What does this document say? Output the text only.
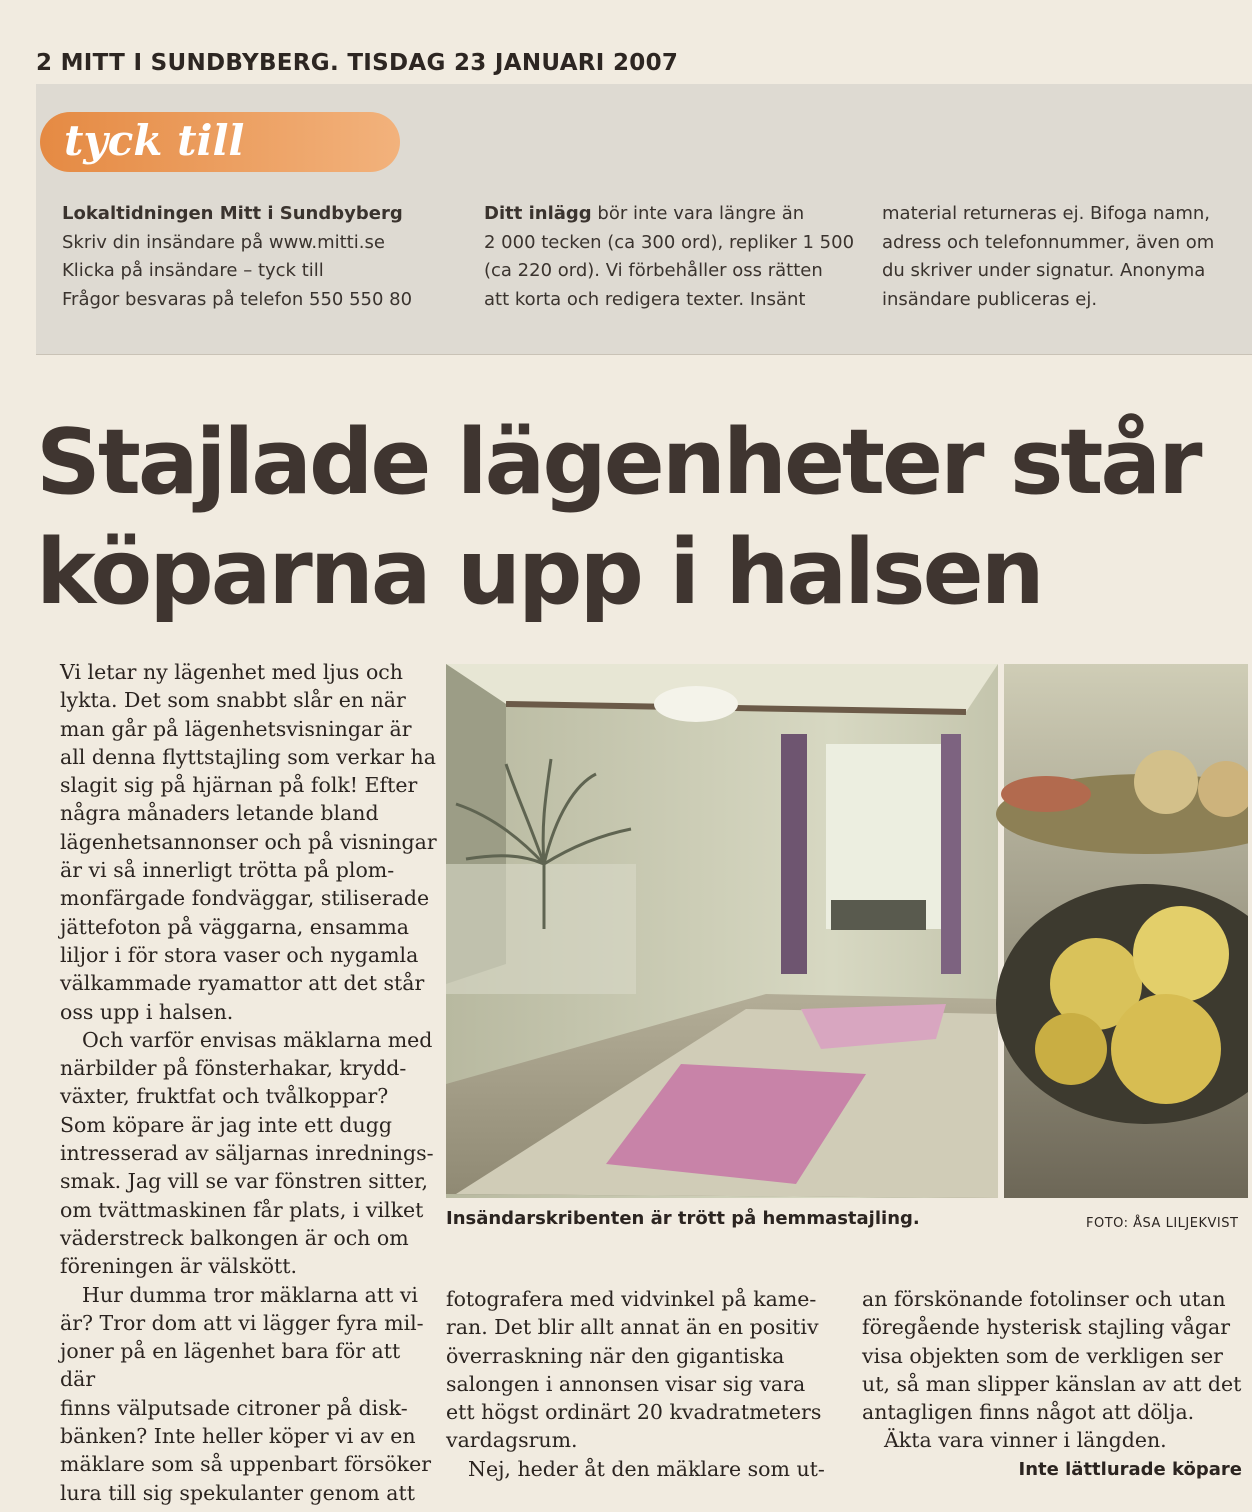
2 MITT I SUNDBYBERG. TISDAG 23 JANUARI 2007
tyck till
Lokaltidningen Mitt i Sundbyberg
Skriv din insändare på www.mitti.se
Klicka på insändare – tyck till
Frågor besvaras på telefon 550 550 80
Ditt inlägg bör inte vara längre än
2 000 tecken (ca 300 ord), repliker 1 500
(ca 220 ord). Vi förbehåller oss rätten
att korta och redigera texter. Insänt
material returneras ej. Bifoga namn,
adress och telefonnummer, även om
du skriver under signatur. Anonyma
insändare publiceras ej.
Stajlade lägenheter står
köparna upp i halsen

Vi letar ny lägenhet med ljus och
lykta. Det som snabbt slår en när
man går på lägenhetsvisningar är
all denna flyttstajling som verkar ha
slagit sig på hjärnan på folk! Efter
några månaders letande bland
lägenhetsannonser och på visningar
är vi så innerligt trötta på plom-
monfärgade fondväggar, stiliserade
jättefoton på väggarna, ensamma
liljor i för stora vaser och nygamla
välkammade ryamattor att det står
oss upp i halsen.

Och varför envisas mäklarna med
närbilder på fönsterhakar, krydd-
växter, fruktfat och tvålkoppar?
Som köpare är jag inte ett dugg
intresserad av säljarnas inrednings-
smak. Jag vill se var fönstren sitter,
om tvättmaskinen får plats, i vilket
väderstreck balkongen är och om
föreningen är välskött.

Hur dumma tror mäklarna att vi
är? Tror dom att vi lägger fyra mil-
joner på en lägenhet bara för att där
finns välputsade citroner på disk-
bänken? Inte heller köper vi av en
mäklare som så uppenbart försöker
lura till sig spekulanter genom att

Insändarskribenten är trött på hemmastajling.	FOTO: ÅSA LILJEKVIST

fotografera med vidvinkel på kame-
ran. Det blir allt annat än en positiv
överraskning när den gigantiska
salongen i annonsen visar sig vara
ett högst ordinärt 20 kvadratmeters
vardagsrum.

Nej, heder åt den mäklare som ut-

an förskönande fotolinser och utan
föregående hysterisk stajling vågar
visa objekten som de verkligen ser
ut, så man slipper känslan av att det
antagligen finns något att dölja.

Äkta vara vinner i längden.

Inte lättlurade köpare
